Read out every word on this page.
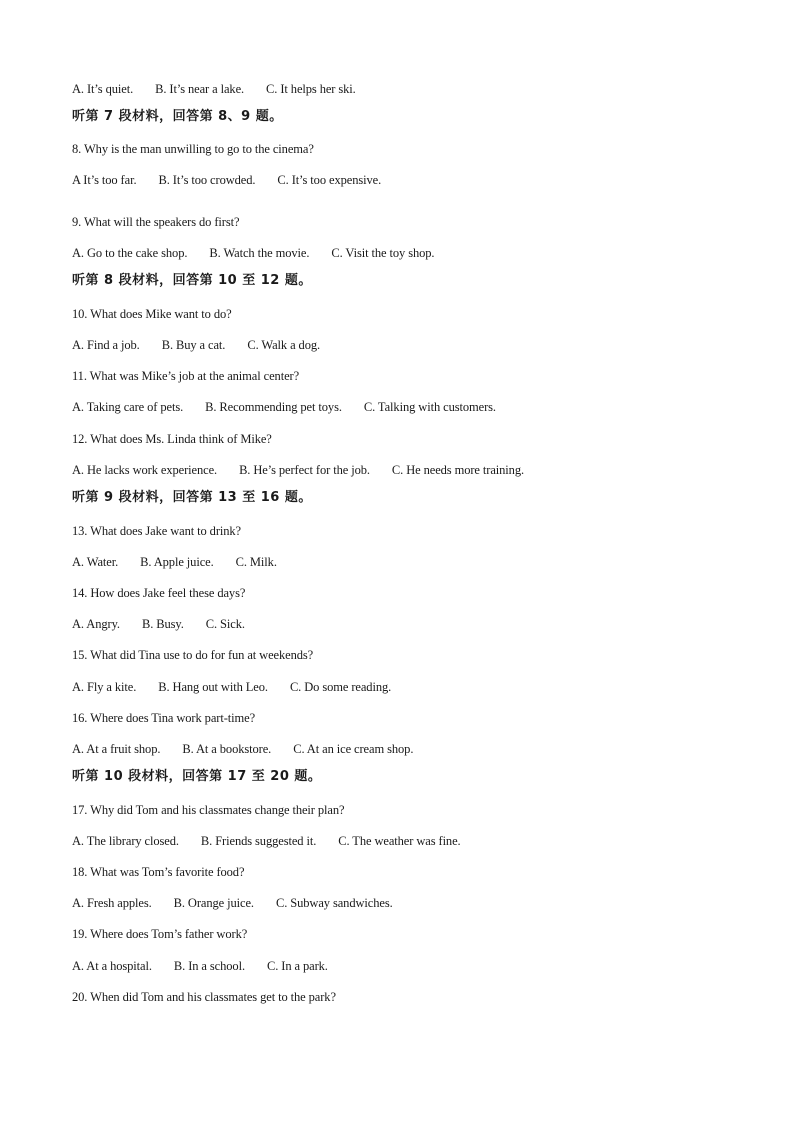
A. It’s quiet. B. It’s near a lake. C. It helps her ski.
听第 7 段材料，回答第 8、9 题。
8. Why is the man unwilling to go to the cinema?
A It’s too far. B. It’s too crowded. C. It’s too expensive.
9. What will the speakers do first?
A. Go to the cake shop. B. Watch the movie. C. Visit the toy shop.
听第 8 段材料，回答第 10 至 12 题。
10. What does Mike want to do?
A. Find a job. B. Buy a cat. C. Walk a dog.
11. What was Mike’s job at the animal center?
A. Taking care of pets. B. Recommending pet toys. C. Talking with customers.
12. What does Ms. Linda think of Mike?
A. He lacks work experience. B. He’s perfect for the job. C. He needs more training.
听第 9 段材料，回答第 13 至 16 题。
13. What does Jake want to drink?
A. Water. B. Apple juice. C. Milk.
14. How does Jake feel these days?
A. Angry. B. Busy. C. Sick.
15. What did Tina use to do for fun at weekends?
A. Fly a kite. B. Hang out with Leo. C. Do some reading.
16. Where does Tina work part-time?
A. At a fruit shop. B. At a bookstore. C. At an ice cream shop.
听第 10 段材料，回答第 17 至 20 题。
17. Why did Tom and his classmates change their plan?
A. The library closed. B. Friends suggested it. C. The weather was fine.
18. What was Tom’s favorite food?
A. Fresh apples. B. Orange juice. C. Subway sandwiches.
19. Where does Tom’s father work?
A. At a hospital. B. In a school. C. In a park.
20. When did Tom and his classmates get to the park?
